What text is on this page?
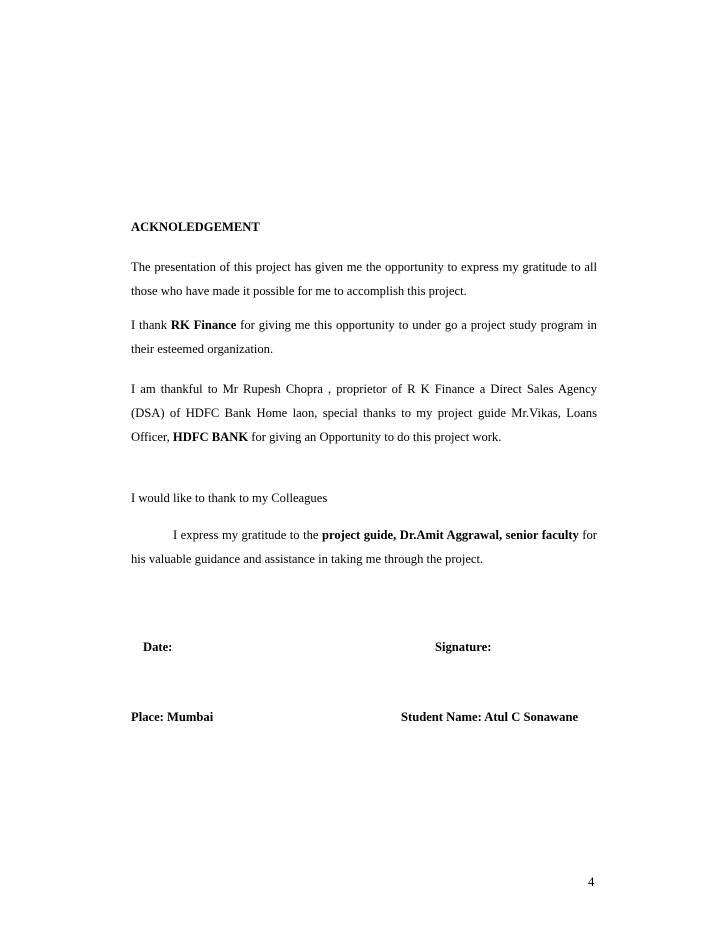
ACKNOLEDGEMENT
The presentation of this project has given me the opportunity to express my gratitude to all those who have made it possible for me to accomplish this project.
I thank RK Finance for giving me this opportunity to under go a project study program in their esteemed organization.
I am thankful to Mr Rupesh Chopra , proprietor of R K Finance a Direct Sales Agency (DSA) of HDFC Bank Home laon, special thanks to my project guide Mr.Vikas, Loans Officer, HDFC BANK for giving an Opportunity to do this project work.
I would like to thank to my Colleagues
I express my gratitude to the project guide, Dr.Amit Aggrawal, senior faculty for his valuable guidance and assistance in taking me through the project.
Date:	Signature:
Place: Mumbai	Student Name: Atul C Sonawane
4
